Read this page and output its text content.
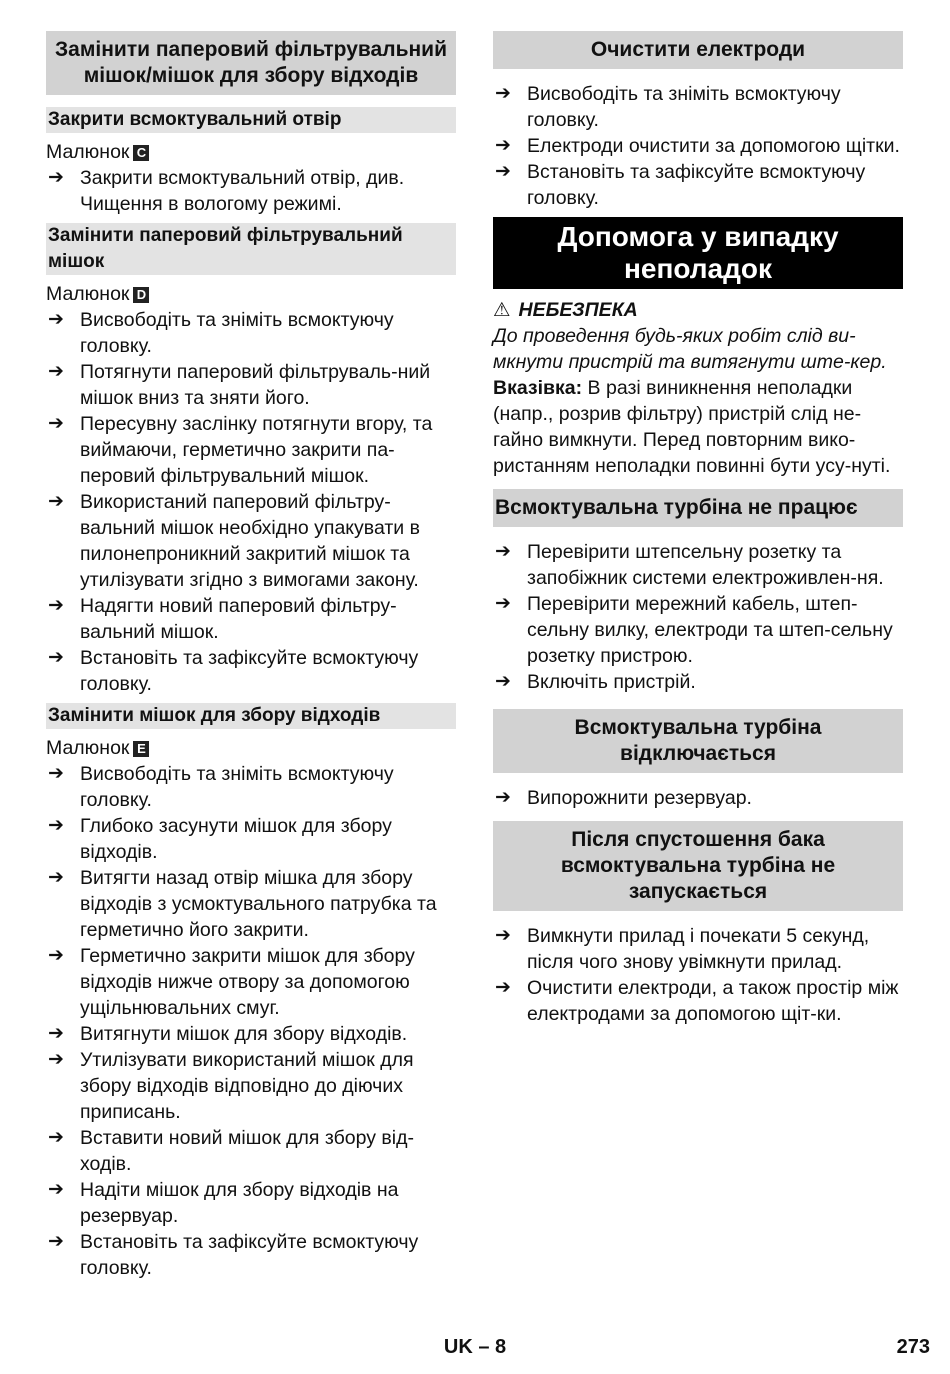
Замінити паперовий фільтрувальний мішок/мішок для збору відходів
Закрити всмоктувальний отвір
Малюнок C
➔ Закрити всмоктувальний отвір, див. Чищення в вологому режимі.
Замінити паперовий фільтрувальний мішок
Малюнок D
➔ Висвободіть та зніміть всмоктуючу головку.
➔ Потягнути паперовий фільтруваль-ний мішок вниз та зняти його.
➔ Пересувну заслінку потягнути вгору, та виймаючи, герметично закрити па-перовий фільтрувальний мішок.
➔ Використаний паперовий фільтру-вальний мішок необхідно упакувати в пилонепроникний закритий мішок та утилізувати згідно з вимогами закону.
➔ Надягти новий паперовий фільтру-вальний мішок.
➔ Встановіть та зафіксуйте всмоктуючу головку.
Замінити мішок для збору відходів
Малюнок E
➔ Висвободіть та зніміть всмоктуючу головку.
➔ Глибоко засунути мішок для збору відходів.
➔ Витягти назад отвір мішка для збору відходів з усмоктувального патрубка та герметично його закрити.
➔ Герметично закрити мішок для збору відходів нижче отвору за допомогою ущільнювальних смуг.
➔ Витягнути мішок для збору відходів.
➔ Утилізувати використаний мішок для збору відходів відповідно до діючих приписань.
➔ Вставити новий мішок для збору від-ходів.
➔ Надіти мішок для збору відходів на резервуар.
➔ Встановіть та зафіксуйте всмоктуючу головку.
Очистити електроди
➔ Висвободіть та зніміть всмоктуючу головку.
➔ Електроди очистити за допомогою щітки.
➔ Встановіть та зафіксуйте всмоктуючу головку.
Допомога у випадку неполадок
⚠ НЕБЕЗПЕКА
До проведення будь-яких робіт слід ви-мкнути пристрій та витягнути ште-кер.
Вказівка: В разі виникнення неполадки (напр., розрив фільтру) пристрій слід не-гайно вимкнути. Перед повторним вико-ристанням неполадки повинні бути усу-нуті.
Всмоктувальна турбіна не працює
➔ Перевірити штепсельну розетку та запобіжник системи електроживлен-ня.
➔ Перевірити мережний кабель, штеп-сельну вилку, електроди та штеп-сельну розетку пристрою.
➔ Включіть пристрій.
Всмоктувальна турбіна відключається
➔ Випорожнити резервуар.
Після спустошення бака всмоктувальна турбіна не запускається
➔ Вимкнути прилад і почекати 5 секунд, після чого знову увімкнути прилад.
➔ Очистити електроди, а також простір між електродами за допомогою щіт-ки.
UK – 8	273
